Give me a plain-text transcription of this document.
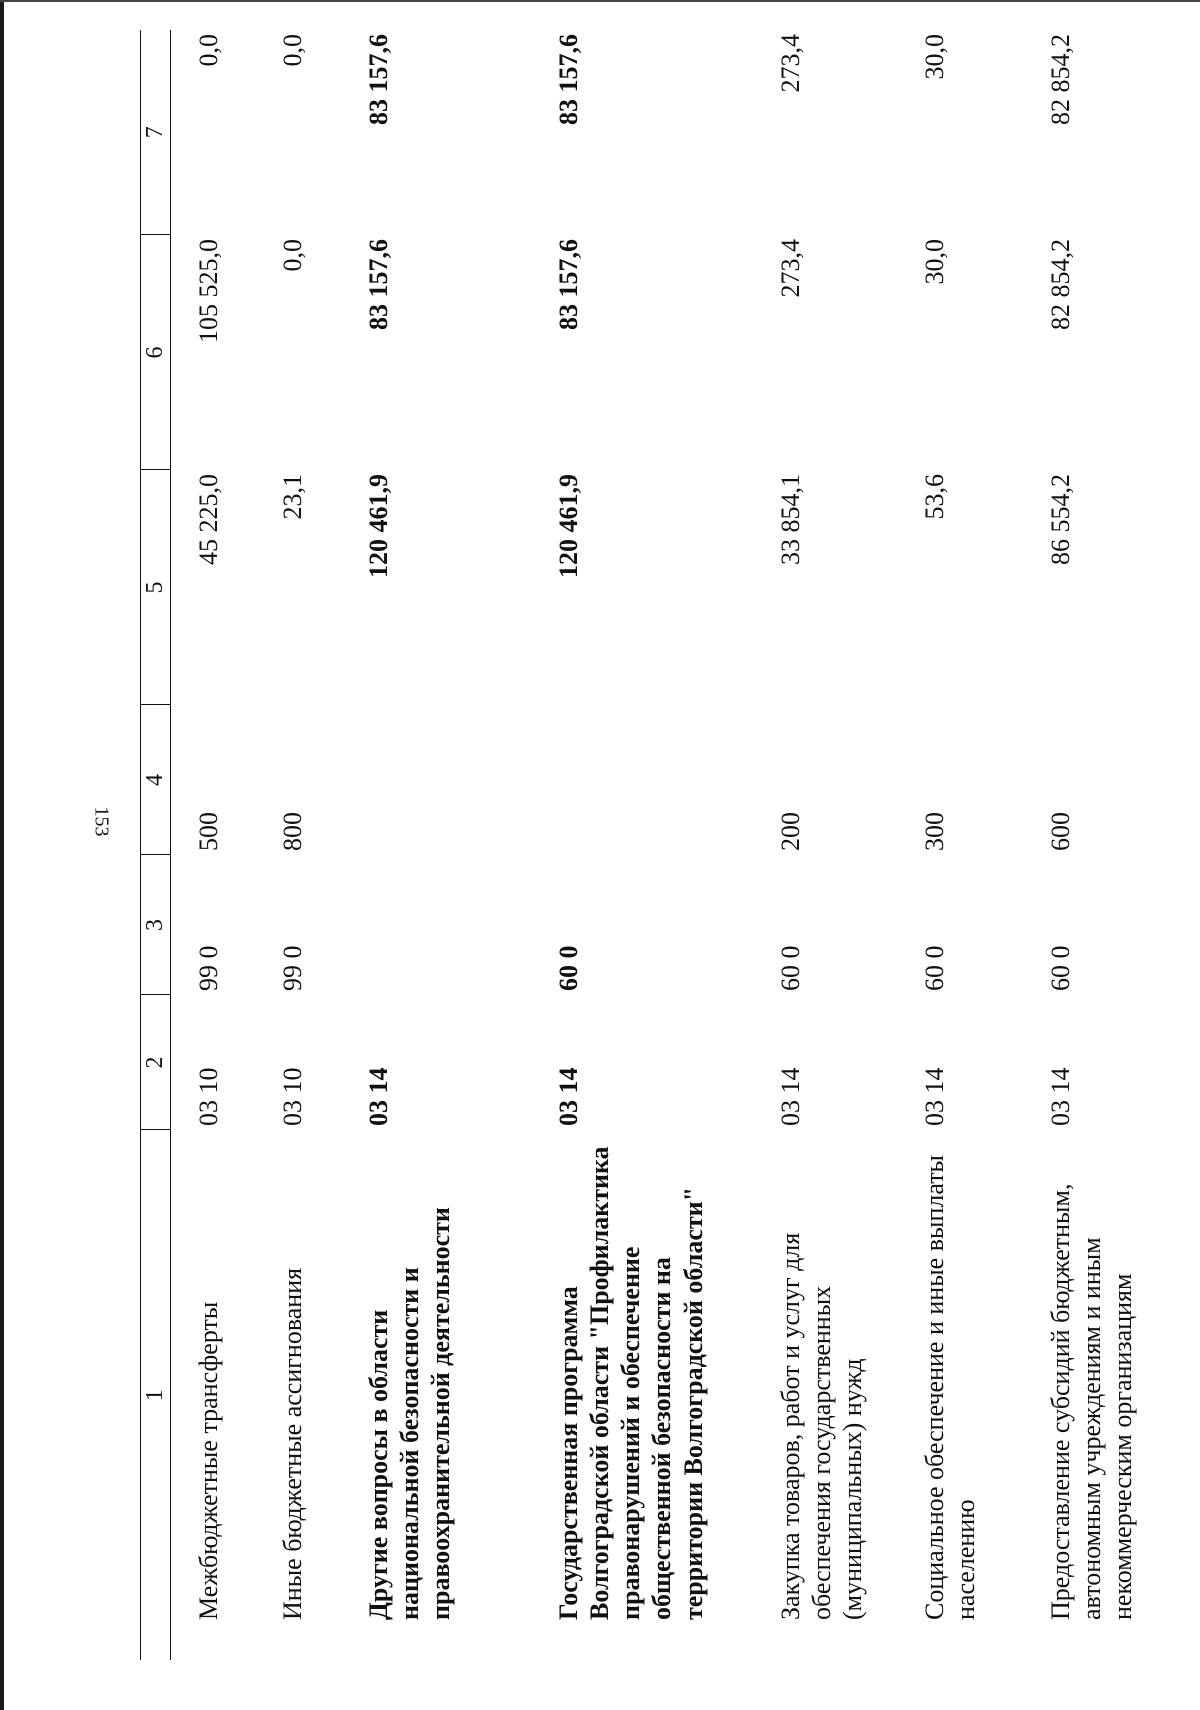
153
1	2	3	4	5	6	7
Межбюджетные трансферты	03 10	99 0	500	45 225,0	105 525,0	0,0
Иные бюджетные ассигнования	03 10	99 0	800	23,1	0,0	0,0
Другие вопросы в области национальной безопасности и правоохранительной деятельности	03 14			120 461,9	83 157,6	83 157,6
Государственная программа Волгоградской области "Профилактика правонарушений и обеспечение общественной безопасности на территории Волгоградской области"	03 14	60 0		120 461,9	83 157,6	83 157,6
Закупка товаров, работ и услуг для обеспечения государственных (муниципальных) нужд	03 14	60 0	200	33 854,1	273,4	273,4
Социальное обеспечение и иные выплаты населению	03 14	60 0	300	53,6	30,0	30,0
Предоставление субсидий бюджетным, автономным учреждениям и иным некоммерческим организациям	03 14	60 0	600	86 554,2	82 854,2	82 854,2
